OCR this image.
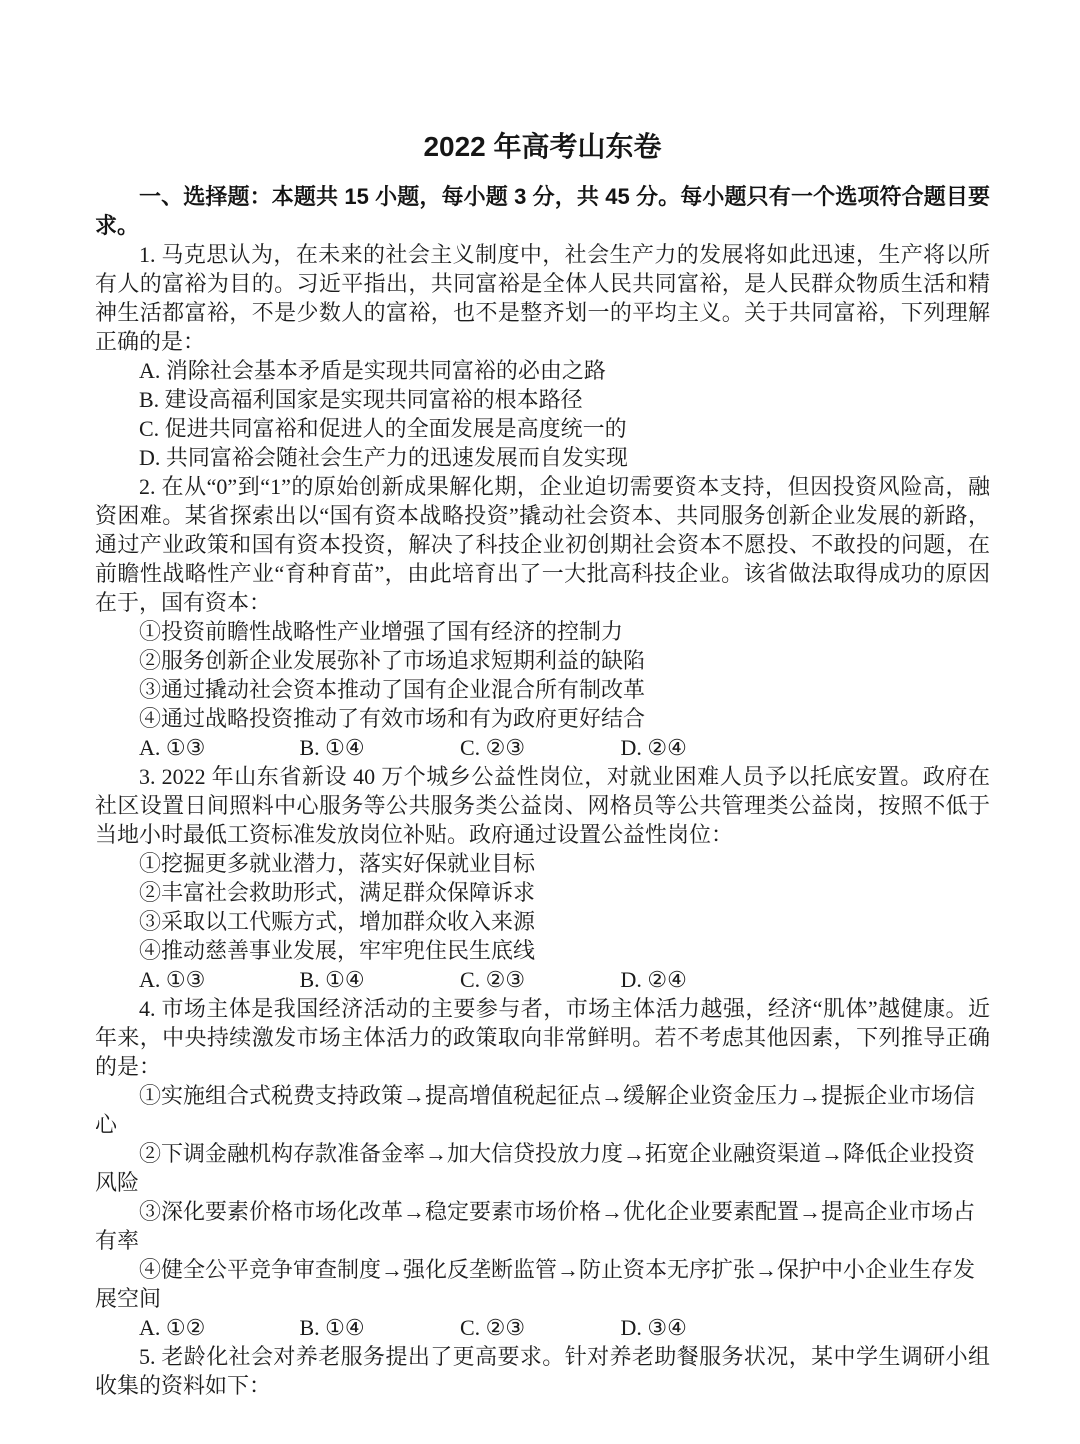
2022 年高考山东卷

一、选择题：本题共 15 小题，每小题 3 分，共 45 分。每小题只有一个选项符合题目要求。

1. 马克思认为，在未来的社会主义制度中，社会生产力的发展将如此迅速，生产将以所有人的富裕为目的。习近平指出，共同富裕是全体人民共同富裕，是人民群众物质生活和精神生活都富裕，不是少数人的富裕，也不是整齐划一的平均主义。关于共同富裕，下列理解正确的是：

A. 消除社会基本矛盾是实现共同富裕的必由之路

B. 建设高福利国家是实现共同富裕的根本路径

C. 促进共同富裕和促进人的全面发展是高度统一的

D. 共同富裕会随社会生产力的迅速发展而自发实现

2. 在从“0”到“1”的原始创新成果解化期，企业迫切需要资本支持，但因投资风险高，融资困难。某省探索出以“国有资本战略投资”撬动社会资本、共同服务创新企业发展的新路，通过产业政策和国有资本投资，解决了科技企业初创期社会资本不愿投、不敢投的问题，在前瞻性战略性产业“育种育苗”，由此培育出了一大批高科技企业。该省做法取得成功的原因在于，国有资本：

①投资前瞻性战略性产业增强了国有经济的控制力

②服务创新企业发展弥补了市场追求短期利益的缺陷

③通过撬动社会资本推动了国有企业混合所有制改革

④通过战略投资推动了有效市场和有为政府更好结合

A. ①③	B. ①④	C. ②③	D. ②④

3. 2022 年山东省新设 40 万个城乡公益性岗位，对就业困难人员予以托底安置。政府在社区设置日间照料中心服务等公共服务类公益岗、网格员等公共管理类公益岗，按照不低于当地小时最低工资标准发放岗位补贴。政府通过设置公益性岗位：

①挖掘更多就业潜力，落实好保就业目标

②丰富社会救助形式，满足群众保障诉求

③采取以工代赈方式，增加群众收入来源

④推动慈善事业发展，牢牢兜住民生底线

A. ①③	B. ①④	C. ②③	D. ②④

4. 市场主体是我国经济活动的主要参与者，市场主体活力越强，经济“肌体”越健康。近年来，中央持续激发市场主体活力的政策取向非常鲜明。若不考虑其他因素，下列推导正确的是：

①实施组合式税费支持政策→提高增值税起征点→缓解企业资金压力→提振企业市场信心

②下调金融机构存款准备金率→加大信贷投放力度→拓宽企业融资渠道→降低企业投资风险

③深化要素价格市场化改革→稳定要素市场价格→优化企业要素配置→提高企业市场占有率

④健全公平竞争审查制度→强化反垄断监管→防止资本无序扩张→保护中小企业生存发展空间

A. ①②	B. ①④	C. ②③	D. ③④

5. 老龄化社会对养老服务提出了更高要求。针对养老助餐服务状况，某中学生调研小组收集的资料如下：
